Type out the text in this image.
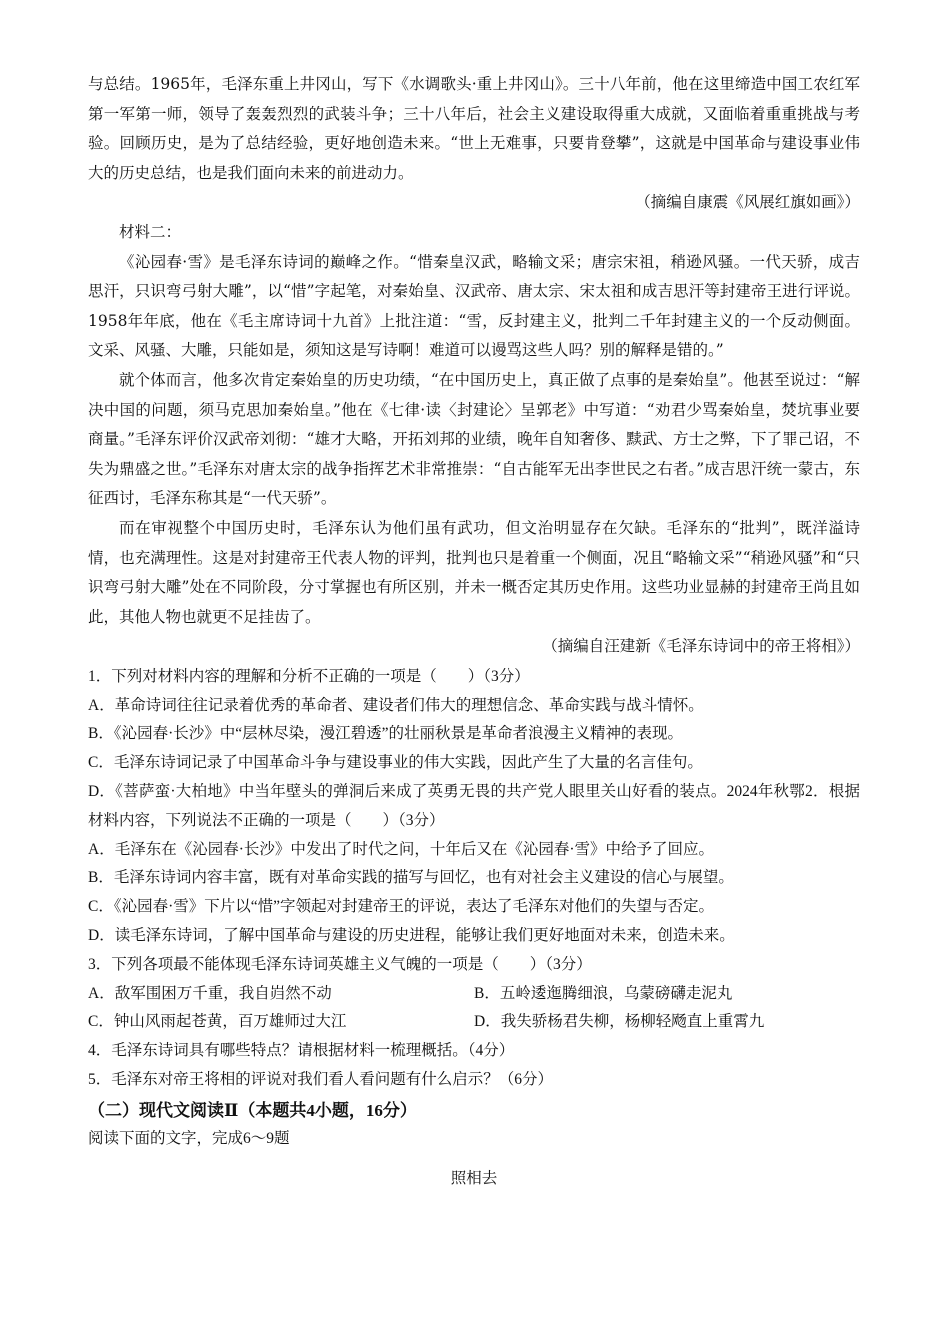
与总结。1965年，毛泽东重上井冈山，写下《水调歌头·重上井冈山》。三十八年前，他在这里缔造中国工农红军第一军第一师，领导了轰轰烈烈的武装斗争；三十八年后，社会主义建设取得重大成就，又面临着重重挑战与考验。回顾历史，是为了总结经验，更好地创造未来。“世上无难事，只要肯登攀”，这就是中国革命与建设事业伟大的历史总结，也是我们面向未来的前进动力。

（摘编自康震《风展红旗如画》）

材料二：

《沁园春·雪》是毛泽东诗词的巅峰之作。“惜秦皇汉武，略输文采；唐宗宋祖，稍逊风骚。一代天骄，成吉思汗，只识弯弓射大雕”，以“惜”字起笔，对秦始皇、汉武帝、唐太宗、宋太祖和成吉思汗等封建帝王进行评说。1958年年底，他在《毛主席诗词十九首》上批注道：“雪，反封建主义，批判二千年封建主义的一个反动侧面。文采、风骚、大雕，只能如是，须知这是写诗啊！难道可以谩骂这些人吗？别的解释是错的。”

就个体而言，他多次肯定秦始皇的历史功绩，“在中国历史上，真正做了点事的是秦始皇”。他甚至说过：“解决中国的问题，须马克思加秦始皇。”他在《七律·读〈封建论〉呈郭老》中写道：“劝君少骂秦始皇，焚坑事业要商量。”毛泽东评价汉武帝刘彻：“雄才大略，开拓刘邦的业绩，晚年自知奢侈、黩武、方士之弊，下了罪己诏，不失为鼎盛之世。”毛泽东对唐太宗的战争指挥艺术非常推崇：“自古能军无出李世民之右者。”成吉思汗统一蒙古，东征西讨，毛泽东称其是“一代天骄”。

而在审视整个中国历史时，毛泽东认为他们虽有武功，但文治明显存在欠缺。毛泽东的“批判”，既洋溢诗情，也充满理性。这是对封建帝王代表人物的评判，批判也只是着重一个侧面，况且“略输文采”“稍逊风骚”和“只识弯弓射大雕”处在不同阶段，分寸掌握也有所区别，并未一概否定其历史作用。这些功业显赫的封建帝王尚且如此，其他人物也就更不足挂齿了。

（摘编自汪建新《毛泽东诗词中的帝王将相》）

1．下列对材料内容的理解和分析不正确的一项是（　　）（3分）

A．革命诗词往往记录着优秀的革命者、建设者们伟大的理想信念、革命实践与战斗情怀。

B．《沁园春·长沙》中“层林尽染，漫江碧透”的壮丽秋景是革命者浪漫主义精神的表现。

C．毛泽东诗词记录了中国革命斗争与建设事业的伟大实践，因此产生了大量的名言佳句。

D．《菩萨蛮·大柏地》中当年壁头的弹洞后来成了英勇无畏的共产党人眼里关山好看的装点。2024年秋鄂2．根据材料内容，下列说法不正确的一项是（　　）（3分）

A．毛泽东在《沁园春·长沙》中发出了时代之问，十年后又在《沁园春·雪》中给予了回应。

B．毛泽东诗词内容丰富，既有对革命实践的描写与回忆，也有对社会主义建设的信心与展望。

C．《沁园春·雪》下片以“惜”字领起对封建帝王的评说，表达了毛泽东对他们的失望与否定。

D．读毛泽东诗词，了解中国革命与建设的历史进程，能够让我们更好地面对未来，创造未来。

3．下列各项最不能体现毛泽东诗词英雄主义气魄的一项是（　　）（3分）

A．敌军围困万千重，我自岿然不动	B．五岭逶迤腾细浪，乌蒙磅礴走泥丸
C．钟山风雨起苍黄，百万雄师过大江	D．我失骄杨君失柳，杨柳轻飏直上重霄九

4．毛泽东诗词具有哪些特点？请根据材料一梳理概括。（4分）

5．毛泽东对帝王将相的评说对我们看人看问题有什么启示？（6分）

（二）现代文阅读Ⅱ（本题共4小题，16分）

阅读下面的文字，完成6～9题

照相去
